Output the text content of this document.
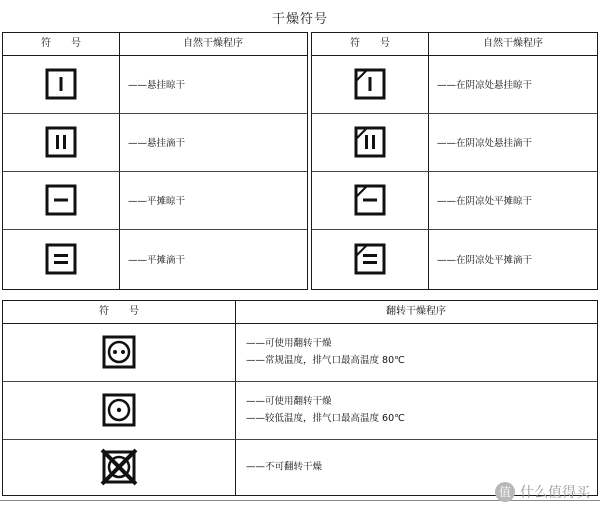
干燥符号
符　　号	自然干燥程序
——悬挂晾干
——悬挂滴干
——平摊晾干
——平摊滴干
符　　号	自然干燥程序
——在阴凉处悬挂晾干
——在阴凉处悬挂滴干
——在阴凉处平摊晾干
——在阴凉处平摊滴干
符　　号	翻转干燥程序
——可使用翻转干燥
——常规温度，排气口最高温度 80℃
——可使用翻转干燥
——较低温度，排气口最高温度 60℃
——不可翻转干燥
值 什么值得买
